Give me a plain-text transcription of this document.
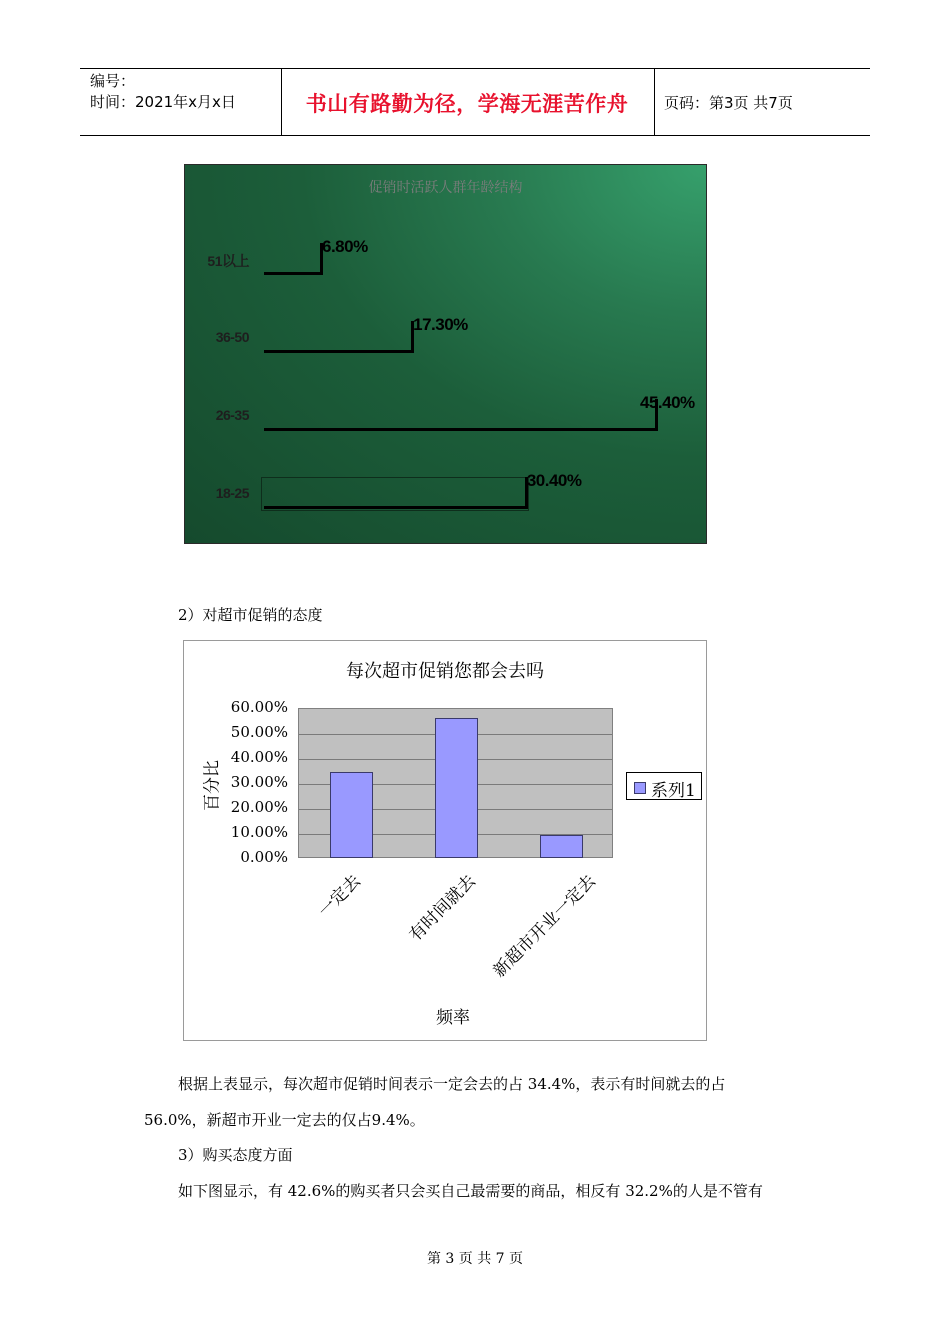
编号：
时间：2021年x月x日	书山有路勤为径，学海无涯苦作舟	页码：第3页 共7页
促销时活跃人群年龄结构
51以上
6.80%
36-50
17.30%
26-35
45.40%
18-25
30.40%
2）对超市促销的态度
每次超市促销您都会去吗
百分比
频率
系列1
60.00%
50.00%
40.00%
30.00%
20.00%
10.00%
0.00%
一定去 有时间就去 新超市开业一定去
根据上表显示，每次超市促销时间表示一定会去的占 34.4%，表示有时间就去的占
56.0%，新超市开业一定去的仅占9.4%。
3）购买态度方面
如下图显示，有 42.6%的购买者只会买自己最需要的商品，相反有 32.2%的人是不管有
第 3 页 共 7 页
